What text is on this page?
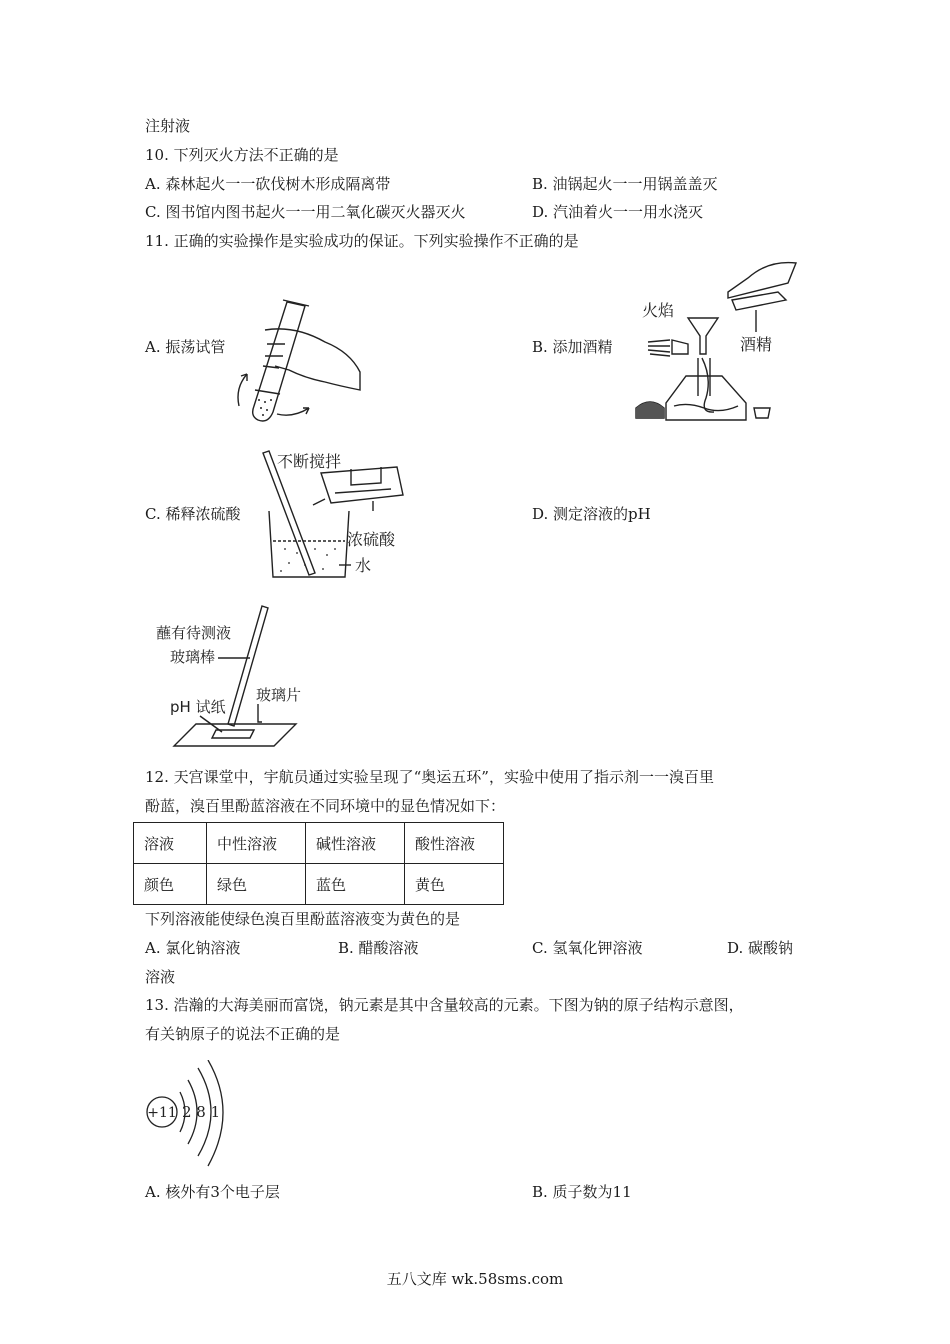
注射液
10. 下列灭火方法不正确的是
A. 森林起火一一砍伐树木形成隔离带	B. 油锅起火一一用锅盖盖灭
C. 图书馆内图书起火一一用二氧化碳灭火器灭火	D. 汽油着火一一用水浇灭
11. 正确的实验操作是实验成功的保证。下列实验操作不正确的是
A. 振荡试管	B. 添加酒精
C. 稀释浓硫酸	D. 测定溶液的pH
火焰
酒精
不断搅拌
浓硫酸
水
蘸有待测液
玻璃棒
pH 试纸
玻璃片
12. 天宫课堂中，宇航员通过实验呈现了“奥运五环”，实验中使用了指示剂一一溴百里
酚蓝，溴百里酚蓝溶液在不同环境中的显色情况如下：
溶液	中性溶液	碱性溶液	酸性溶液
颜色	绿色	蓝色	黄色
下列溶液能使绿色溴百里酚蓝溶液变为黄色的是
A. 氯化钠溶液	B. 醋酸溶液	C. 氢氧化钾溶液	D. 碳酸钠
溶液
13. 浩瀚的大海美丽而富饶，钠元素是其中含量较高的元素。下图为钠的原子结构示意图，
有关钠原子的说法不正确的是
+11 2 8 1
A. 核外有3个电子层	B. 质子数为11
五八文库 wk.58sms.com
